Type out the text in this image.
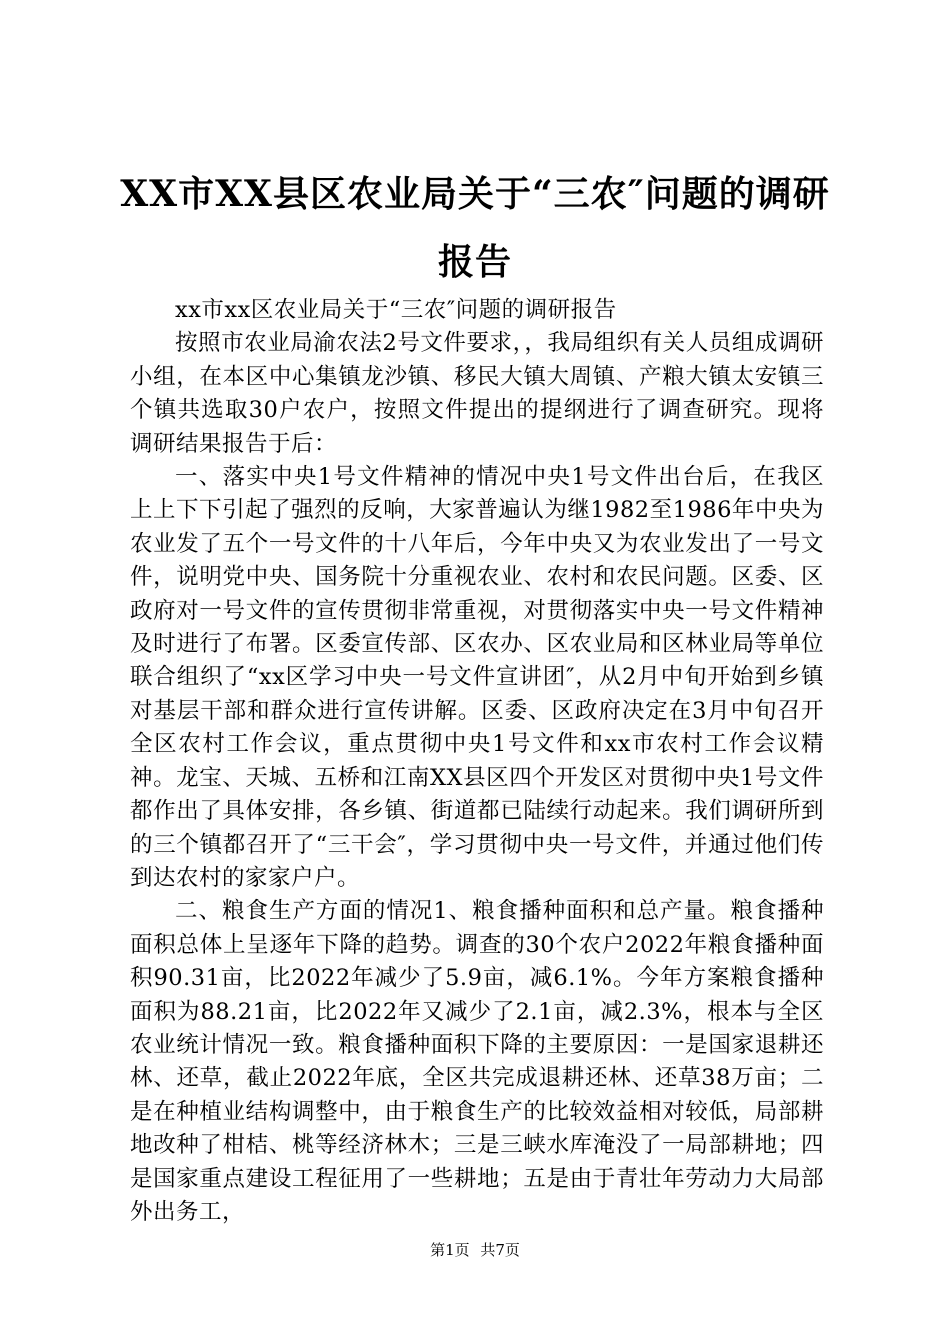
XX市XX县区农业局关于“三农″问题的调研报告

xx市xx区农业局关于“三农″问题的调研报告

按照市农业局渝农法2号文件要求，，我局组织有关人员组成调研小组，在本区中心集镇龙沙镇、移民大镇大周镇、产粮大镇太安镇三个镇共选取30户农户，按照文件提出的提纲进行了调查研究。现将调研结果报告于后：

一、落实中央1号文件精神的情况中央1号文件出台后，在我区上上下下引起了强烈的反响，大家普遍认为继1982至1986年中央为农业发了五个一号文件的十八年后，今年中央又为农业发出了一号文件，说明党中央、国务院十分重视农业、农村和农民问题。区委、区政府对一号文件的宣传贯彻非常重视，对贯彻落实中央一号文件精神及时进行了布署。区委宣传部、区农办、区农业局和区林业局等单位联合组织了“xx区学习中央一号文件宣讲团″，从2月中旬开始到乡镇对基层干部和群众进行宣传讲解。区委、区政府决定在3月中旬召开全区农村工作会议，重点贯彻中央1号文件和xx市农村工作会议精神。龙宝、天城、五桥和江南XX县区四个开发区对贯彻中央1号文件都作出了具体安排，各乡镇、街道都已陆续行动起来。我们调研所到的三个镇都召开了“三干会″，学习贯彻中央一号文件，并通过他们传到达农村的家家户户。

二、粮食生产方面的情况1、粮食播种面积和总产量。粮食播种面积总体上呈逐年下降的趋势。调查的30个农户2022年粮食播种面积90.31亩，比2022年减少了5.9亩，减6.1%。今年方案粮食播种面积为88.21亩，比2022年又减少了2.1亩，减2.3%，根本与全区农业统计情况一致。粮食播种面积下降的主要原因：一是国家退耕还林、还草，截止2022年底，全区共完成退耕还林、还草38万亩；二是在种植业结构调整中，由于粮食生产的比较效益相对较低，局部耕地改种了柑桔、桃等经济林木；三是三峡水库淹没了一局部耕地；四是国家重点建设工程征用了一些耕地；五是由于青壮年劳动力大局部外出务工，

第1页 共7页
